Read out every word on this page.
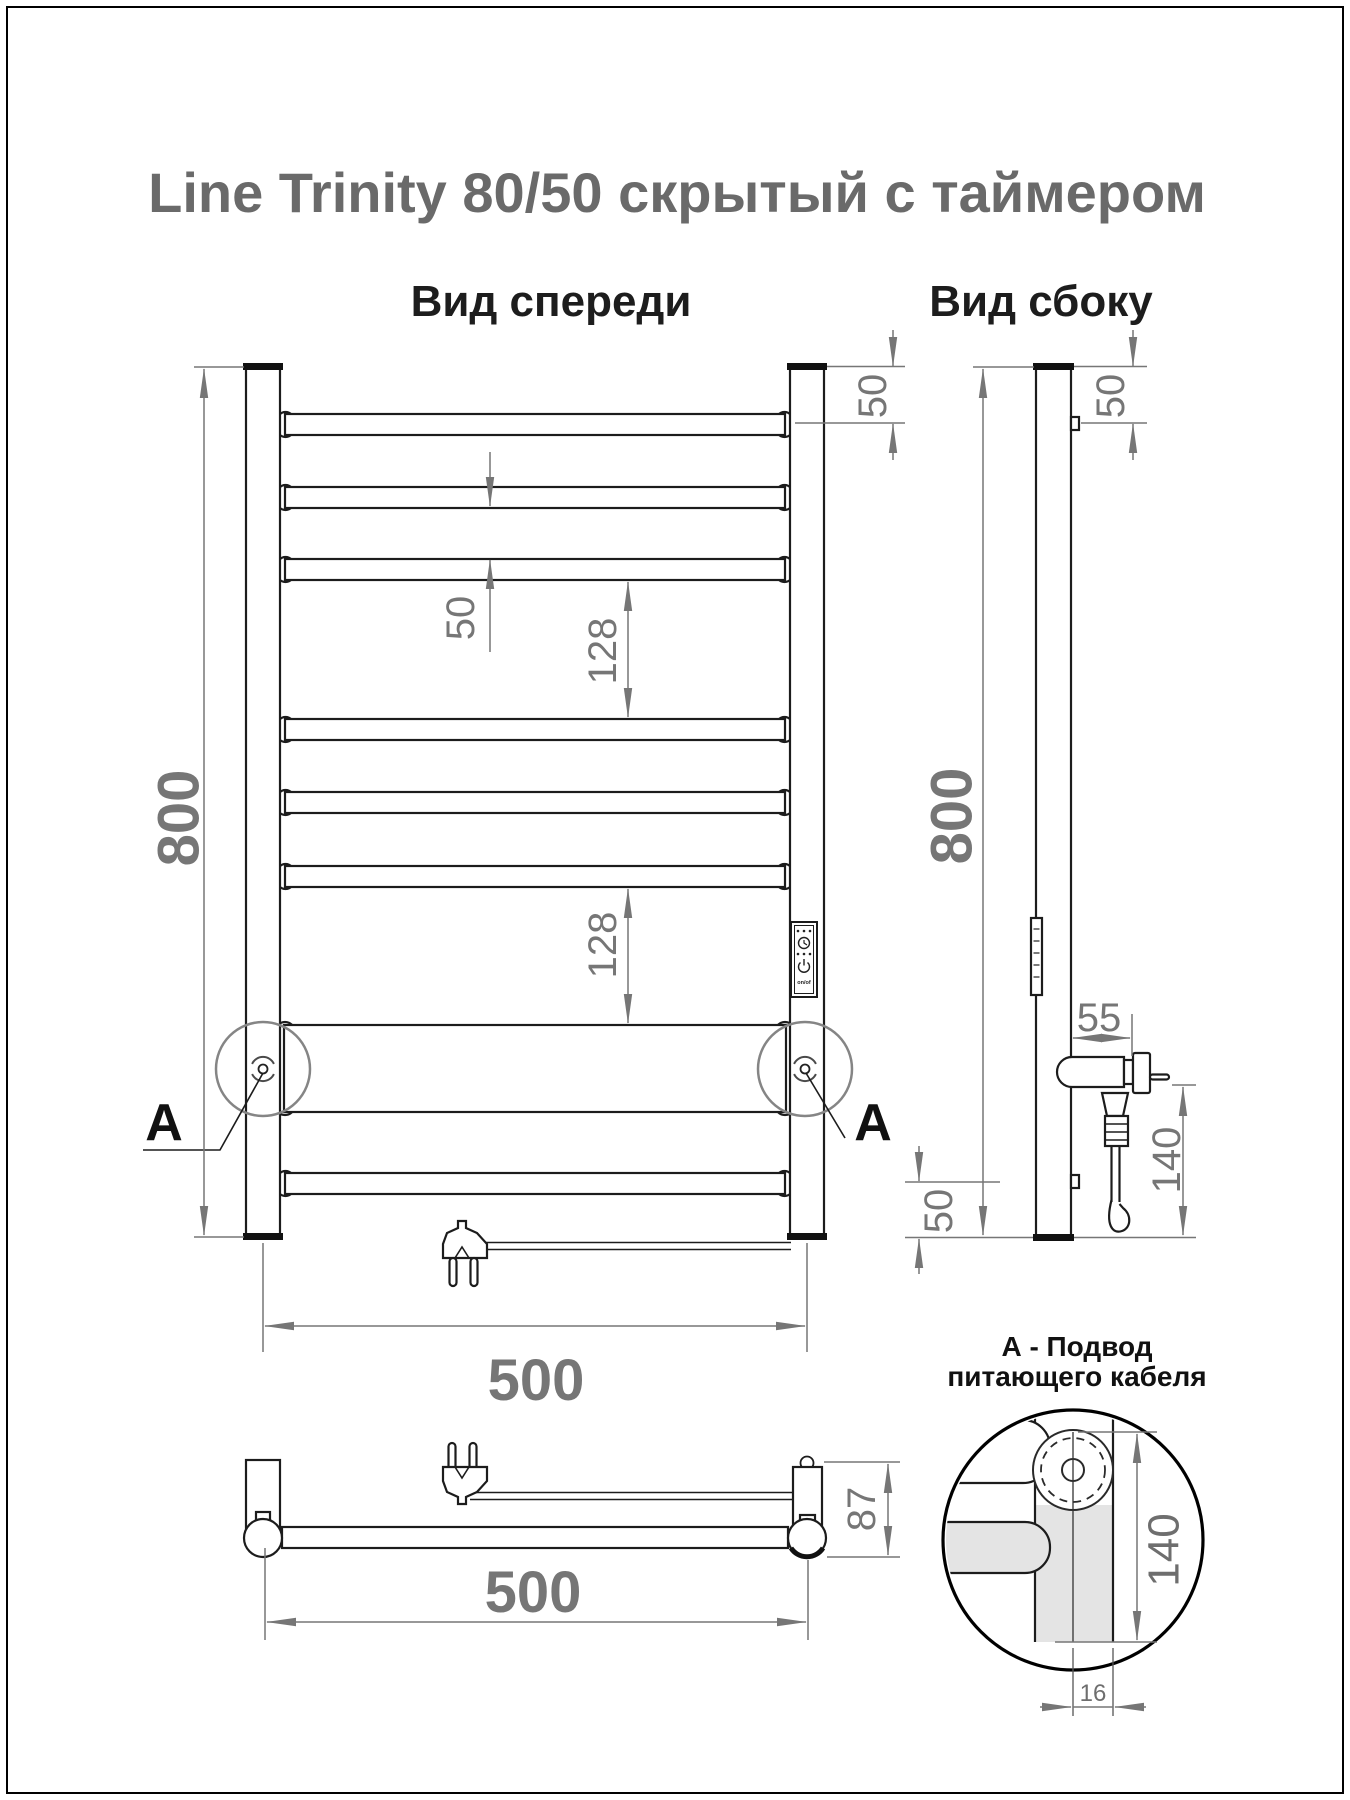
Line Trinity 80/50 скрытый с таймером
Вид спереди	Вид сбоку
on/of
А	А
800
50
50 128
128
500
800
50
55
140
50
500
87
А - Подвод
питающего кабеля
140
16
